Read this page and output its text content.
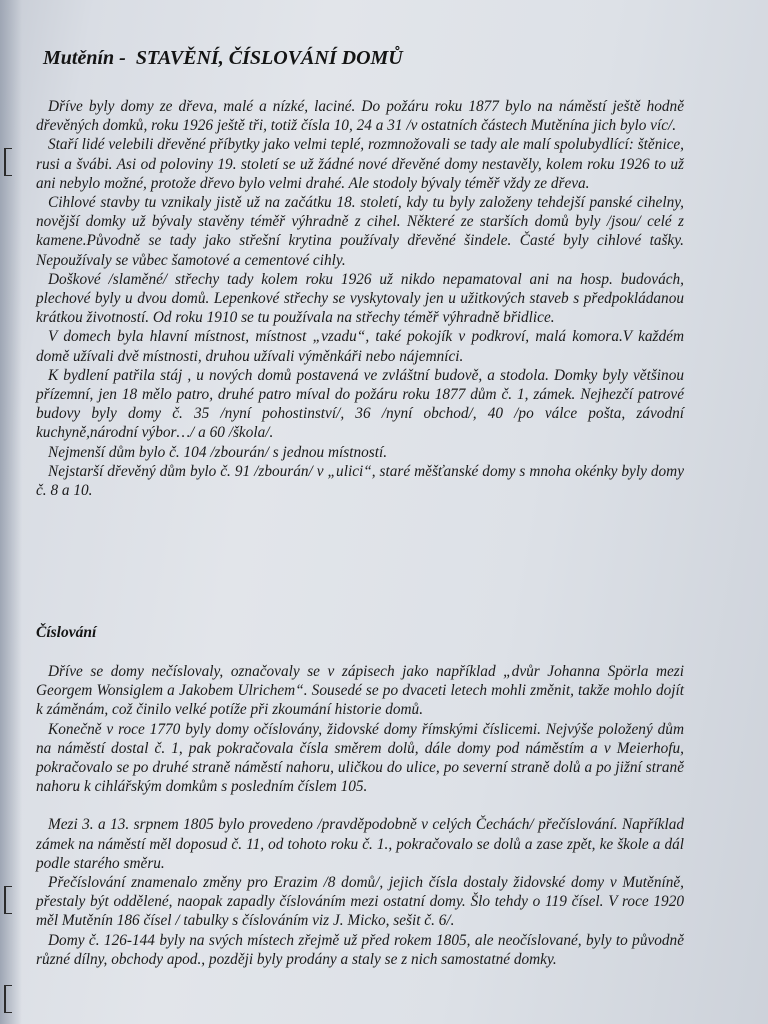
Mutěnín - STAVĚNÍ, ČÍSLOVÁNÍ DOMŮ

Dříve byly domy ze dřeva, malé a nízké, laciné. Do požáru roku 1877 bylo na náměstí ještě hodně dřevěných domků, roku 1926 ještě tři, totiž čísla 10, 24 a 31 /v ostatních částech Mutěnína jich bylo víc/.

Staří lidé velebili dřevěné příbytky jako velmi teplé, rozmnožovali se tady ale malí spolubydlící: štěnice, rusi a švábi. Asi od poloviny 19. století se už žádné nové dřevěné domy nestavěly, kolem roku 1926 to už ani nebylo možné, protože dřevo bylo velmi drahé. Ale stodoly bývaly téměř vždy ze dřeva.

Cihlové stavby tu vznikaly jistě už na začátku 18. století, kdy tu byly založeny tehdejší panské cihelny, novější domky už bývaly stavěny téměř výhradně z cihel. Některé ze starších domů byly /jsou/ celé z kamene.Původně se tady jako střešní krytina používaly dřevěné šindele. Časté byly cihlové tašky. Nepoužívaly se vůbec šamotové a cementové cihly.

Doškové /slaměné/ střechy tady kolem roku 1926 už nikdo nepamatoval ani na hosp. budovách, plechové byly u dvou domů. Lepenkové střechy se vyskytovaly jen u užitkových staveb s předpokládanou krátkou životností. Od roku 1910 se tu používala na střechy téměř výhradně břidlice.

V domech byla hlavní místnost, místnost „vzadu“, také pokojík v podkroví, malá komora.V každém domě užívali dvě místnosti, druhou užívali výměnkáři nebo nájemníci.

K bydlení patřila stáj , u nových domů postavená ve zvláštní budově, a stodola. Domky byly většinou přízemní, jen 18 mělo patro, druhé patro míval do požáru roku 1877 dům č. 1, zámek. Nejhezčí patrové budovy byly domy č. 35 /nyní pohostinství/, 36 /nyní obchod/, 40 /po válce pošta, závodní kuchyně,národní výbor…/ a 60 /škola/.

Nejmenší dům bylo č. 104 /zbourán/ s jednou místností.

Nejstarší dřevěný dům bylo č. 91 /zbourán/ v „ulici“, staré měšťanské domy s mnoha okénky byly domy č. 8 a 10.

Číslování

Dříve se domy nečíslovaly, označovaly se v zápisech jako například „dvůr Johanna Spörla mezi Georgem Wonsiglem a Jakobem Ulrichem“. Sousedé se po dvaceti letech mohli změnit, takže mohlo dojít k záměnám, což činilo velké potíže při zkoumání historie domů.

Konečně v roce 1770 byly domy očíslovány, židovské domy římskými číslicemi. Nejvýše položený dům na náměstí dostal č. 1, pak pokračovala čísla směrem dolů, dále domy pod náměstím a v Meierhofu, pokračovalo se po druhé straně náměstí nahoru, uličkou do ulice, po severní straně dolů a po jižní straně nahoru k cihlářským domkům s posledním číslem 105.

Mezi 3. a 13. srpnem 1805 bylo provedeno /pravděpodobně v celých Čechách/ přečíslování. Například zámek na náměstí měl doposud č. 11, od tohoto roku č. 1., pokračovalo se dolů a zase zpět, ke škole a dál podle starého směru.

Přečíslování znamenalo změny pro Erazim /8 domů/, jejich čísla dostaly židovské domy v Mutěníně, přestaly být oddělené, naopak zapadly číslováním mezi ostatní domy. Šlo tehdy o 119 čísel. V roce 1920 měl Mutěnín 186 čísel / tabulky s číslováním viz J. Micko, sešit č. 6/.

Domy č. 126-144 byly na svých místech zřejmě už před rokem 1805, ale neočíslované, byly to původně různé dílny, obchody apod., později byly prodány a staly se z nich samostatné domky.
